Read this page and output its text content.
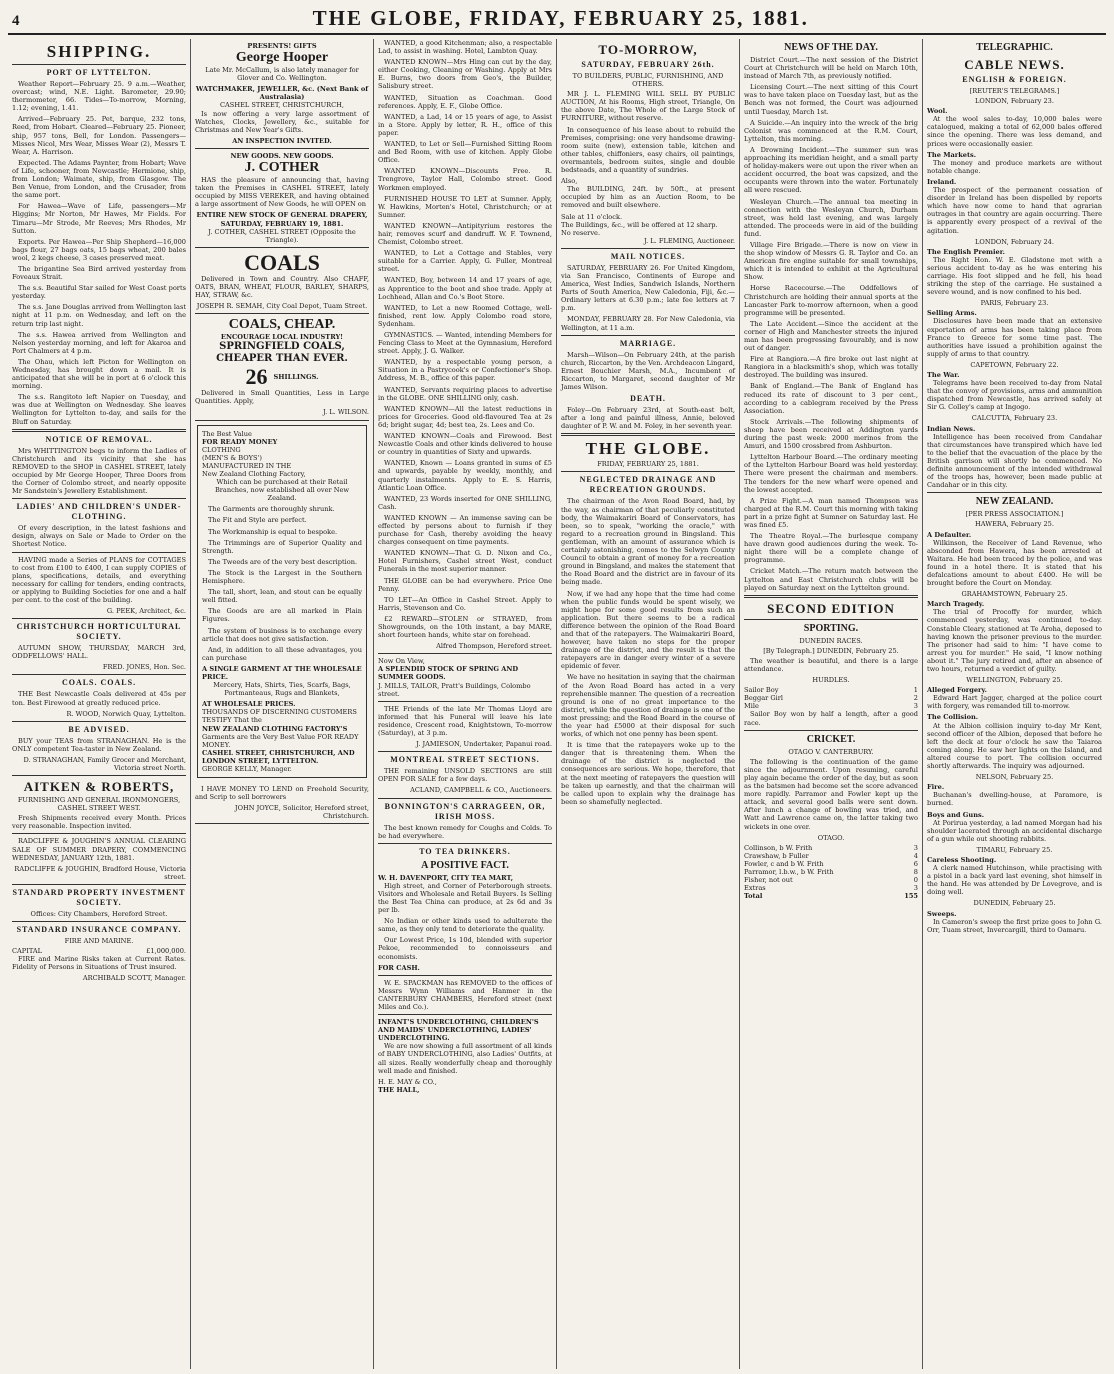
4	THE GLOBE, FRIDAY, FEBRUARY 25, 1881.
SHIPPING.
PORT OF LYTTELTON.

Weather Report—February 25. 9 a.m.—Weather, overcast; wind, N.E. Light. Barometer, 29.90; thermometer, 66. Tides—To-morrow, Morning, 1.12; evening, 1.41.

Arrived—February 25. Pet, barque, 232 tons, Reed, from Hobart. Cleared—February 25. Pioneer, ship, 957 tons, Bell, for London. Passengers—Misses Nicol, Mrs Wear, Misses Wear (2), Messrs T. Wear, A. Harrison.

Expected. The Adams Paynter, from Hobart; Wave of Life, schooner, from Newcastle; Hermione, ship, from London; Waimate, ship, from Glasgow. The Ben Venue, from London, and the Crusader, from the same port.

For Hawea—Wave of Life, passengers—Mr Higgins; Mr Norton, Mr Hawes, Mr Fields. For Timaru—Mr Strode, Mr Reeves; Mrs Rhodes, Mr Sutton.

Exports. Per Hawea—Per Ship Shepherd—16,000 bags flour, 27 bags oats, 15 bags wheat, 200 bales wool, 2 kegs cheese, 3 cases preserved meat.

The brigantine Sea Bird arrived yesterday from Foveaux Strait.

The s.s. Beautiful Star sailed for West Coast ports yesterday.

The s.s. Jane Douglas arrived from Wellington last night at 11 p.m. on Wednesday, and left on the return trip last night.

The s.s. Hawea arrived from Wellington and Nelson yesterday morning, and left for Akaroa and Port Chalmers at 4 p.m.

The Ohau, which left Picton for Wellington on Wednesday, has brought down a mail. It is anticipated that she will be in port at 6 o'clock this morning.

The s.s. Rangitoto left Napier on Tuesday, and was due at Wellington on Wednesday. She leaves Wellington for Lyttelton to-day, and sails for the Bluff on Saturday.

NOTICE OF REMOVAL.

Mrs WHITTINGTON begs to inform the Ladies of Christchurch and its vicinity that she has REMOVED to the SHOP in CASHEL STREET, lately occupied by Mr George Hooper, Three Doors from the Corner of Colombo street, and nearly opposite Mr Sandstein's Jewellery Establishment.

LADIES' AND CHILDREN'S UNDER-CLOTHING.

Of every description, in the latest fashions and design, always on Sale or Made to Order on the Shortest Notice.

HAVING made a Series of PLANS for COTTAGES to cost from £100 to £400, I can supply COPIES of plans, specifications, details, and everything necessary for calling for tenders, ending contracts, or applying to Building Societies for one and a half per cent. to the cost of the building.

G. PEEK, Architect, &c.

CHRISTCHURCH HORTICULTURAL SOCIETY.

AUTUMN SHOW, THURSDAY, MARCH 3rd, ODDFELLOWS' HALL.

FRED. JONES, Hon. Sec.

COALS. COALS.

THE Best Newcastle Coals delivered at 45s per ton. Best Firewood at greatly reduced price.

R. WOOD, Norwich Quay, Lyttelton.

BE ADVISED.

BUY your TEAS from STRANAGHAN. He is the ONLY competent Tea-taster in New Zealand.

D. STRANAGHAN, Family Grocer and Merchant, Victoria street North.

AITKEN & ROBERTS,
FURNISHING AND GENERAL IRONMONGERS, CASHEL STREET WEST.

Fresh Shipments received every Month. Prices very reasonable. Inspection invited.

RADCLIFFE & JOUGHIN'S ANNUAL CLEARING SALE OF SUMMER DRAPERY, COMMENCING WEDNESDAY, JANUARY 12th, 1881.

RADCLIFFE & JOUGHIN, Bradford House, Victoria street.

STANDARD PROPERTY INVESTMENT SOCIETY.

Offices: City Chambers, Hereford Street.

STANDARD INSURANCE COMPANY.
FIRE AND MARINE.
CAPITAL	£1,000,000.

FIRE and Marine Risks taken at Current Rates. Fidelity of Persons in Situations of Trust insured.

ARCHIBALD SCOTT, Manager.

PRESENTS! GIFTS
George Hooper

Late Mr. McCallum, is also lately manager for Glover and Co. Wellington.

WATCHMAKER, JEWELLER, &c. (Next Bank of Australasia)
CASHEL STREET, CHRISTCHURCH,

Is now offering a very large assortment of Watches, Clocks, Jewellery, &c., suitable for Christmas and New Year's Gifts.

AN INSPECTION INVITED.
NEW GOODS. NEW GOODS.
J. COTHER

HAS the pleasure of announcing that, having taken the Premises in CASHEL STREET, lately occupied by MISS VEREKER, and having obtained a large assortment of New Goods, he will OPEN on

ENTIRE NEW STOCK OF GENERAL DRAPERY,
SATURDAY, FEBRUARY 19, 1881.
J. COTHER, CASHEL STREET (Opposite the Triangle).
COALS

Delivered in Town and Country. Also CHAFF, OATS, BRAN, WHEAT, FLOUR, BARLEY, SHARPS, HAY, STRAW, &c.

JOSEPH R. SEMAH, City Coal Depot, Tuam Street.
COALS, CHEAP.
ENCOURAGE LOCAL INDUSTRY!
SPRINGFIELD COALS, CHEAPER THAN EVER.
26 SHILLINGS.

Delivered in Small Quantities, Less in Large Quantities. Apply,

J. L. WILSON.
The Best Value
FOR READY MONEY
CLOTHING
(MEN'S & BOYS')
MANUFACTURED IN THE
New Zealand Clothing Factory,

Which can be purchased at their Retail Branches, now established all over New Zealand.

The Garments are thoroughly shrunk.

The Fit and Style are perfect.

The Workmanship is equal to bespoke.

The Trimmings are of Superior Quality and Strength.

The Tweeds are of the very best description.

The Stock is the Largest in the Southern Hemisphere.

The tall, short, lean, and stout can be equally well fitted.

The Goods are are all marked in Plain Figures.

The system of business is to exchange every article that does not give satisfaction.

And, in addition to all these advantages, you can purchase

A SINGLE GARMENT AT THE WHOLESALE PRICE.

Mercery, Hats, Shirts, Ties, Scarfs, Bags, Portmanteaus, Rugs and Blankets,

AT WHOLESALE PRICES.
THOUSANDS OF DISCERNING CUSTOMERS TESTIFY That the
NEW ZEALAND CLOTHING FACTORY'S
Garments are the Very Best Value FOR READY MONEY.
CASHEL STREET, CHRISTCHURCH, AND LONDON STREET, LYTTELTON.
GEORGE KELLY, Manager.

I HAVE MONEY TO LEND on Freehold Security, and Scrip to sell borrowers

JOHN JOYCE, Solicitor, Hereford street, Christchurch.

WANTED, a good Kitchenman; also, a respectable Lad, to assist in washing. Hotel, Lambton Quay.

WANTED KNOWN—Mrs Hing can cut by the day, either Cooking, Cleaning or Washing. Apply at Mrs E. Burns, two doors from Geo's, the Builder, Salisbury street.

WANTED, Situation as Coachman. Good references. Apply, E. F., Globe Office.

WANTED, a Lad, 14 or 15 years of age, to Assist in a Store. Apply by letter, R. H., office of this paper.

WANTED, to Let or Sell—Furnished Sitting Room and Bed Room, with use of kitchen. Apply Globe Office.

WANTED KNOWN—Discounts Free. R. Trengrove, Taylor Hall, Colombo street. Good Workmen employed.

FURNISHED HOUSE TO LET at Sumner. Apply, W. Hawkins, Morten's Hotel, Christchurch; or at Sumner.

WANTED KNOWN—Antipityrium restores the hair, removes scurf and dandruff. W. F. Townend, Chemist, Colombo street.

WANTED, to Let a Cottage and Stables, very suitable for a Carrier. Apply, G. Fuller, Montreal street.

WANTED, Boy, between 14 and 17 years of age, as Apprentice to the boot and shoe trade. Apply at Lochhead, Allan and Co.'s Boot Store.

WANTED, to Let a new Roomed Cottage, well-finished, rent low. Apply Colombo road store, Sydenham.

GYMNASTICS. — Wanted, intending Members for Fencing Class to Meet at the Gymnasium, Hereford street. Apply, J. G. Walker.

WANTED, by a respectable young person, a Situation in a Pastrycook's or Confectioner's Shop. Address, M. B., office of this paper.

WANTED, Servants requiring places to advertise in the GLOBE. ONE SHILLING only, cash.

WANTED KNOWN—All the latest reductions in prices for Groceries. Good old-flavoured Tea at 2s 6d; bright sugar, 4d; best tea, 2s. Lees and Co.

WANTED KNOWN—Coals and Firewood. Best Newcastle Coals and other kinds delivered to house or country in quantities of Sixty and upwards.

WANTED, Known — Loans granted in sums of £5 and upwards, payable by weekly, monthly, and quarterly instalments. Apply to E. S. Harris, Atlantic Loan Office.

WANTED, 23 Words inserted for ONE SHILLING, Cash.

WANTED KNOWN — An immense saving can be effected by persons about to furnish if they purchase for Cash, thereby avoiding the heavy charges consequent on time payments.

WANTED KNOWN—That G. D. Nixon and Co., Hotel Furnishers, Cashel street West, conduct Funerals in the most superior manner.

THE GLOBE can be had everywhere. Price One Penny.

TO LET—An Office in Cashel Street. Apply to Harris, Stevenson and Co.

£2 REWARD—STOLEN or STRAYED, from Showgrounds, on the 10th instant, a bay MARE, short fourteen hands, white star on forehead.

Alfred Thompson, Hereford street.

Now On View,
A SPLENDID STOCK OF SPRING AND SUMMER GOODS.
J. MILLS, TAILOR, Pratt's Buildings, Colombo street.

THE Friends of the late Mr Thomas Lloyd are informed that his Funeral will leave his late residence, Crescent road, Knightstown, To-morrow (Saturday), at 3 p.m.

J. JAMIESON, Undertaker, Papanui road.

MONTREAL STREET SECTIONS.

THE remaining UNSOLD SECTIONS are still OPEN FOR SALE for a few days.

ACLAND, CAMPBELL & CO., Auctioneers.

BONNINGTON'S CARRAGEEN, OR, IRISH MOSS.

The best known remedy for Coughs and Colds. To be had everywhere.

TO TEA DRINKERS.
A POSITIVE FACT.
W. H. DAVENPORT, CITY TEA MART,

High street, and Corner of Peterborough streets. Visitors and Wholesale and Retail Buyers. Is Selling the Best Tea China can produce, at 2s 6d and 3s per lb.

No Indian or other kinds used to adulterate the same, as they only tend to deteriorate the quality.

Our Lowest Price, 1s 10d, blended with superior Pekoe, recommended to connoisseurs and economists.

FOR CASH.

W. E. SPACKMAN has REMOVED to the offices of Messrs Wynn Williams and Hanmer in the CANTERBURY CHAMBERS, Hereford street (next Miles and Co.).

INFANT'S UNDERCLOTHING, CHILDREN'S AND MAIDS' UNDERCLOTHING, LADIES' UNDERCLOTHING.

We are now showing a full assortment of all kinds of BABY UNDERCLOTHING, also Ladies' Outfits, at all sizes. Really wonderfully cheap and thoroughly well made and finished.

H. E. MAY & CO.,
THE HALL,
TO-MORROW,
SATURDAY, FEBRUARY 26th.
TO BUILDERS, PUBLIC, FURNISHING, AND OTHERS.

MR J. L. FLEMING WILL SELL BY PUBLIC AUCTION, At his Rooms, High street, Triangle, On the above Date, The Whole of the Large Stock of FURNITURE, without reserve.

In consequence of his lease about to rebuild the Premises, comprising: one very handsome drawing-room suite (new), extension table, kitchen and other tables, chiffoniers, easy chairs, oil paintings, overmantels, bedroom suites, single and double bedsteads, and a quantity of sundries.

Also,

The BUILDING, 24ft. by 50ft., at present occupied by him as an Auction Room, to be removed and built elsewhere.

Sale at 11 o'clock.
The Buildings, &c., will be offered at 12 sharp.
No reserve.
J. L. FLEMING, Auctioneer.
MAIL NOTICES.

SATURDAY, FEBRUARY 26. For United Kingdom, via San Francisco, Continents of Europe and America, West Indies, Sandwich Islands, Northern Parts of South America, New Caledonia, Fiji, &c.—Ordinary letters at 6.30 p.m.; late fee letters at 7 p.m.

MONDAY, FEBRUARY 28. For New Caledonia, via Wellington, at 11 a.m.

MARRIAGE.

Marsh—Wilson—On February 24th, at the parish church, Riccarton, by the Ven. Archdeacon Lingard, Ernest Bouchier Marsh, M.A., Incumbent of Riccarton, to Margaret, second daughter of Mr James Wilson.

DEATH.

Foley—On February 23rd, at South-east belt, after a long and painful illness, Annie, beloved daughter of P. W. and M. Foley, in her seventh year.

THE GLOBE.
FRIDAY, FEBRUARY 25, 1881.
NEGLECTED DRAINAGE AND RECREATION GROUNDS.

The chairman of the Avon Road Board, had, by the way, as chairman of that peculiarly constituted body, the Waimakariri Board of Conservators, has been, so to speak, "working the oracle," with regard to a recreation ground in Bingsland. This gentleman, with an amount of assurance which is certainly astonishing, comes to the Selwyn County Council to obtain a grant of money for a recreation ground in Bingsland, and makes the statement that the Road Board and the district are in favour of its being made.

Now, if we had any hope that the time had come when the public funds would be spent wisely, we might hope for some good results from such an application. But there seems to be a radical difference between the opinion of the Road Board and that of the ratepayers. The Waimakariri Board, however, have taken no steps for the proper drainage of the district, and the result is that the ratepayers are in danger every winter of a severe epidemic of fever.

We have no hesitation in saying that the chairman of the Avon Road Board has acted in a very reprehensible manner. The question of a recreation ground is one of no great importance to the district, while the question of drainage is one of the most pressing; and the Road Board in the course of the year had £5000 at their disposal for such works, of which not one penny has been spent.

It is time that the ratepayers woke up to the danger that is threatening them. When the drainage of the district is neglected the consequences are serious. We hope, therefore, that at the next meeting of ratepayers the question will be taken up earnestly, and that the chairman will be called upon to explain why the drainage has been so shamefully neglected.

NEWS OF THE DAY.

District Court.—The next session of the District Court at Christchurch will be held on March 10th, instead of March 7th, as previously notified.

Licensing Court.—The next sitting of this Court was to have taken place on Tuesday last, but as the Bench was not formed, the Court was adjourned until Tuesday, March 1st.

A Suicide.—An inquiry into the wreck of the brig Colonist was commenced at the R.M. Court, Lyttelton, this morning.

A Drowning Incident.—The summer sun was approaching its meridian height, and a small party of holiday-makers were out upon the river when an accident occurred, the boat was capsized, and the occupants were thrown into the water. Fortunately all were rescued.

Wesleyan Church.—The annual tea meeting in connection with the Wesleyan Church, Durham street, was held last evening, and was largely attended. The proceeds were in aid of the building fund.

Village Fire Brigade.—There is now on view in the shop window of Messrs G. R. Taylor and Co. an American fire engine suitable for small townships, which it is intended to exhibit at the Agricultural Show.

Horse Racecourse.—The Oddfellows of Christchurch are holding their annual sports at the Lancaster Park to-morrow afternoon, when a good programme will be presented.

The Late Accident.—Since the accident at the corner of High and Manchester streets the injured man has been progressing favourably, and is now out of danger.

Fire at Rangiora.—A fire broke out last night at Rangiora in a blacksmith's shop, which was totally destroyed. The building was insured.

Bank of England.—The Bank of England has reduced its rate of discount to 3 per cent., according to a cablegram received by the Press Association.

Stock Arrivals.—The following shipments of sheep have been received at Addington yards during the past week: 2000 merinos from the Amuri, and 1500 crossbred from Ashburton.

Lyttelton Harbour Board.—The ordinary meeting of the Lyttelton Harbour Board was held yesterday. There were present the chairman and members. The tenders for the new wharf were opened and the lowest accepted.

A Prize Fight.—A man named Thompson was charged at the R.M. Court this morning with taking part in a prize fight at Sumner on Saturday last. He was fined £5.

The Theatre Royal.—The burlesque company have drawn good audiences during the week. To-night there will be a complete change of programme.

Cricket Match.—The return match between the Lyttelton and East Christchurch clubs will be played on Saturday next on the Lyttelton ground.

SECOND EDITION
SPORTING.
DUNEDIN RACES.
[By Telegraph.] DUNEDIN, February 25.

The weather is beautiful, and there is a large attendance.

HURDLES.
Sailor Boy	1
Beggar Girl	2
Mile	3

Sailor Boy won by half a length, after a good race.

CRICKET.
OTAGO V. CANTERBURY.

The following is the continuation of the game since the adjournment. Upon resuming, careful play again became the order of the day, but as soon as the batsmen had become set the score advanced more rapidly. Parramor and Fowler kept up the attack, and several good balls were sent down. After lunch a change of bowling was tried, and Watt and Lawrence came on, the latter taking two wickets in one over.

OTAGO.
Collinson, b W. Frith	3
Crawshaw, b Fuller	4
Fowler, c and b W. Frith	6
Parramor, l.b.w., b W. Frith	8
Fisher, not out	0
Extras	3
Total	155
TELEGRAPHIC.
CABLE NEWS.
ENGLISH & FOREIGN.
[REUTER'S TELEGRAMS.]
LONDON, February 23.
Wool.

At the wool sales to-day, 10,000 bales were catalogued, making a total of 62,000 bales offered since the opening. There was less demand, and prices were occasionally easier.

The Markets.

The money and produce markets are without notable change.

Ireland.

The prospect of the permanent cessation of disorder in Ireland has been dispelled by reports which have now come to hand that agrarian outrages in that country are again occurring. There is apparently every prospect of a revival of the agitation.

LONDON, February 24.
The English Premier.

The Right Hon. W. E. Gladstone met with a serious accident to-day as he was entering his carriage. His foot slipped and he fell, his head striking the step of the carriage. He sustained a severe wound, and is now confined to his bed.

PARIS, February 23.
Selling Arms.

Disclosures have been made that an extensive exportation of arms has been taking place from France to Greece for some time past. The authorities have issued a prohibition against the supply of arms to that country.

CAPETOWN, February 22.
The War.

Telegrams have been received to-day from Natal that the convoy of provisions, arms and ammunition dispatched from Newcastle, has arrived safely at Sir G. Colley's camp at Ingogo.

CALCUTTA, February 23.
Indian News.

Intelligence has been received from Candahar that circumstances have transpired which have led to the belief that the evacuation of the place by the British garrison will shortly be commenced. No definite announcement of the intended withdrawal of the troops has, however, been made public at Candahar or in this city.

NEW ZEALAND.
[PER PRESS ASSOCIATION.]
HAWERA, February 25.
A Defaulter.

Wilkinson, the Receiver of Land Revenue, who absconded from Hawera, has been arrested at Waitara. He had been traced by the police, and was found in a hotel there. It is stated that his defalcations amount to about £400. He will be brought before the Court on Monday.

GRAHAMSTOWN, February 25.
March Tragedy.

The trial of Procoffy for murder, which commenced yesterday, was continued to-day. Constable Cleary, stationed at Te Aroha, deposed to having known the prisoner previous to the murder. The prisoner had said to him: "I have come to arrest you for murder." He said, "I know nothing about it." The jury retired and, after an absence of two hours, returned a verdict of guilty.

WELLINGTON, February 25.
Alleged Forgery.

Edward Hart Jagger, charged at the police court with forgery, was remanded till to-morrow.

The Collision.

At the Albion collision inquiry to-day Mr Kent, second officer of the Albion, deposed that before he left the deck at four o'clock he saw the Taiaroa coming along. He saw her lights on the Island, and altered course to port. The collision occurred shortly afterwards. The inquiry was adjourned.

NELSON, February 25.
Fire.

Buchanan's dwelling-house, at Paramore, is burned.

Boys and Guns.

At Porirua yesterday, a lad named Morgan had his shoulder lacerated through an accidental discharge of a gun while out shooting rabbits.

TIMARU, February 25.
Careless Shooting.

A clerk named Hutchinson, while practising with a pistol in a back yard last evening, shot himself in the hand. He was attended by Dr Lovegrove, and is doing well.

DUNEDIN, February 25.
Sweeps.

In Cameron's sweep the first prize goes to John G. Orr, Tuam street, Invercargill, third to Oamaru.
